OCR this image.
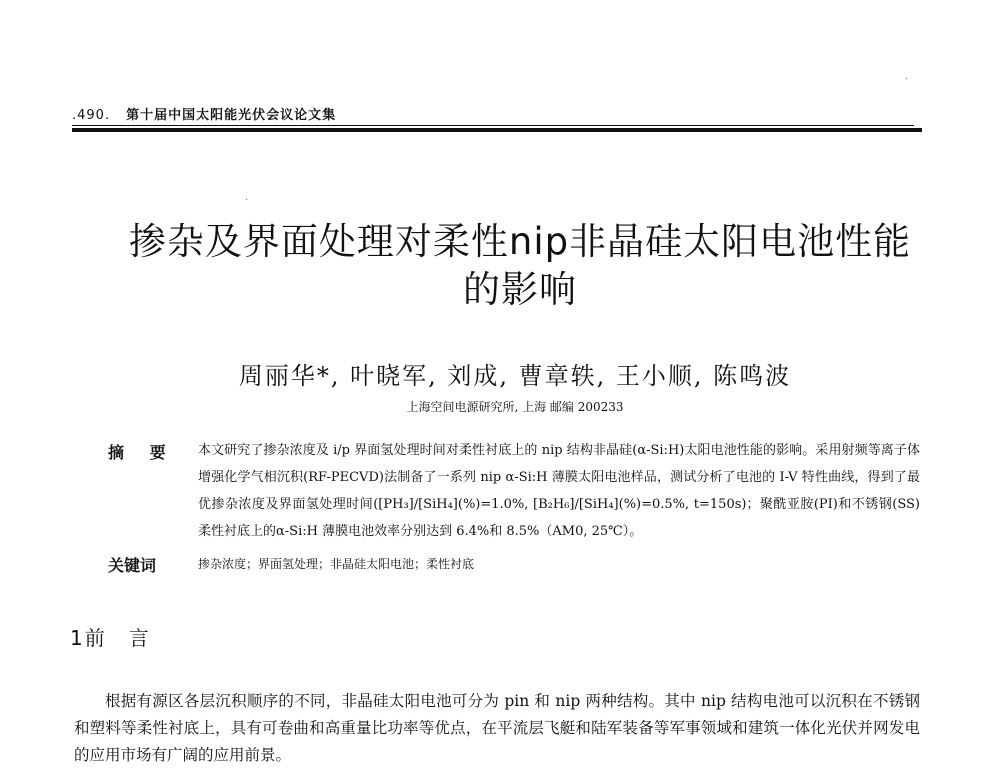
.490. 第十届中国太阳能光伏会议论文集
·
·
掺杂及界面处理对柔性nip非晶硅太阳电池性能的影响
周丽华*, 叶晓军, 刘成, 曹章轶, 王小顺, 陈鸣波
上海空间电源研究所, 上海 邮编 200233
摘 要 本文研究了掺杂浓度及 i/p 界面氢处理时间对柔性衬底上的 nip 结构非晶硅(α-Si:H)太阳电池性能的影响。采用射频等离子体增强化学气相沉积(RF-PECVD)法制备了一系列 nip α-Si:H 薄膜太阳电池样品，测试分析了电池的 I-V 特性曲线，得到了最优掺杂浓度及界面氢处理时间([PH₃]/[SiH₄](%)=1.0%, [B₂H₆]/[SiH₄](%)=0.5%, t=150s)；聚酰亚胺(PI)和不锈钢(SS)柔性衬底上的α-Si:H 薄膜电池效率分别达到 6.4%和 8.5%（AM0, 25℃）。
关键词	掺杂浓度；界面氢处理；非晶硅太阳电池；柔性衬底
1 前言
根据有源区各层沉积顺序的不同，非晶硅太阳电池可分为 pin 和 nip 两种结构。其中 nip 结构电池可以沉积在不锈钢和塑料等柔性衬底上，具有可卷曲和高重量比功率等优点，在平流层飞艇和陆军装备等军事领域和建筑一体化光伏并网发电的应用市场有广阔的应用前景。
